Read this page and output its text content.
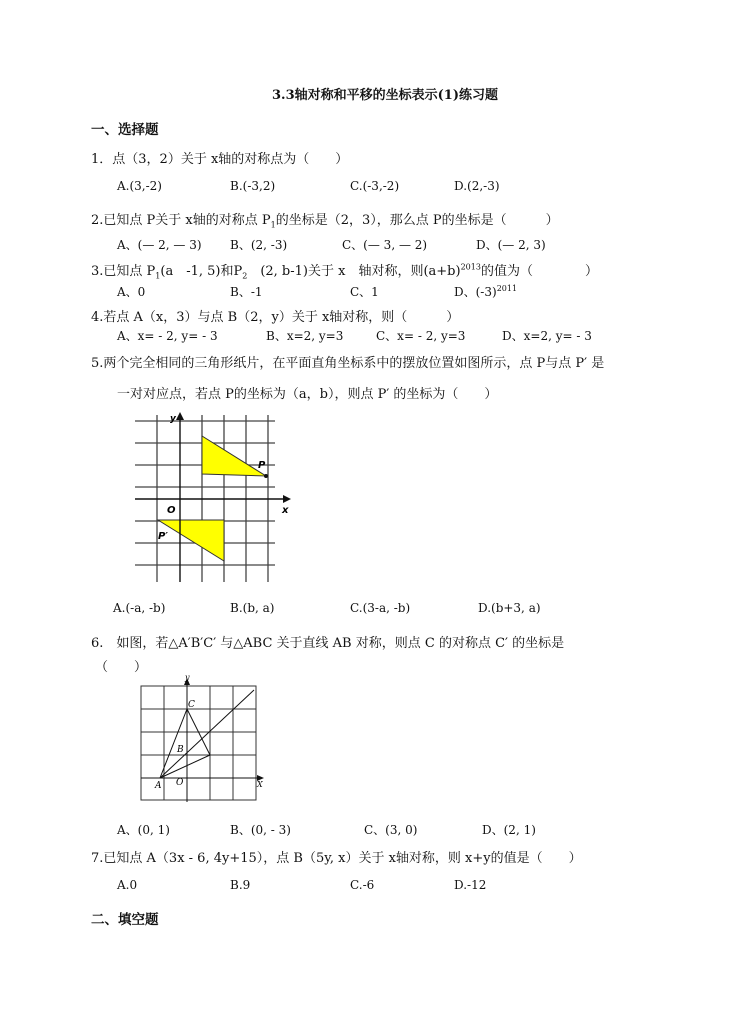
3.3轴对称和平移的坐标表示(1)练习题
一、选择题
1．点（3，2）关于 x轴的对称点为（　　）
A.(3,-2)	B.(-3,2)	C.(-3,-2)	D.(2,-3)
2.已知点 P关于 x轴的对称点 $P_1$的坐标是（2，3），那么点 P的坐标是（　　　）
A、(— 2, — 3) B、(2, -3)	C、(— 3, — 2)	D、(— 2, 3)
3.已知点 $P_1(a$　-1, 5)和$P_2$　(2, b-1)关于 x　轴对称，则$(a+b)^{2013}$的值为（　　　　）
A、0	B、-1	C、1	D、$(-3)^{2011}$
4.若点 A（x，3）与点 B（2，y）关于 x轴对称，则（　　　）
A、x= - 2, y= - 3	B、x=2, y=3	C、x= - 2, y=3	D、x=2, y= - 3
5.两个完全相同的三角形纸片，在平面直角坐标系中的摆放位置如图所示，点 P与点 P′ 是
一对对应点，若点 P的坐标为（a，b），则点 P′ 的坐标为（　　）
y
x
O
P
P′
A.(-a, -b)	B.(b, a)	C.(3-a, -b)	D.(b+3, a)
6.　如图，若△A′B′C′ 与△ABC 关于直线 AB 对称，则点 C 的对称点 C′ 的坐标是
（　　）
y
X
C
B
O
A
A、(0, 1)	B、(0, - 3)	C、(3, 0)	D、(2, 1)
7.已知点 A（3x - 6, 4y+15），点 B（5y, x）关于 x轴对称，则 x+y的值是（　　）
A.0	B.9	C.-6	D.-12
二、填空题
